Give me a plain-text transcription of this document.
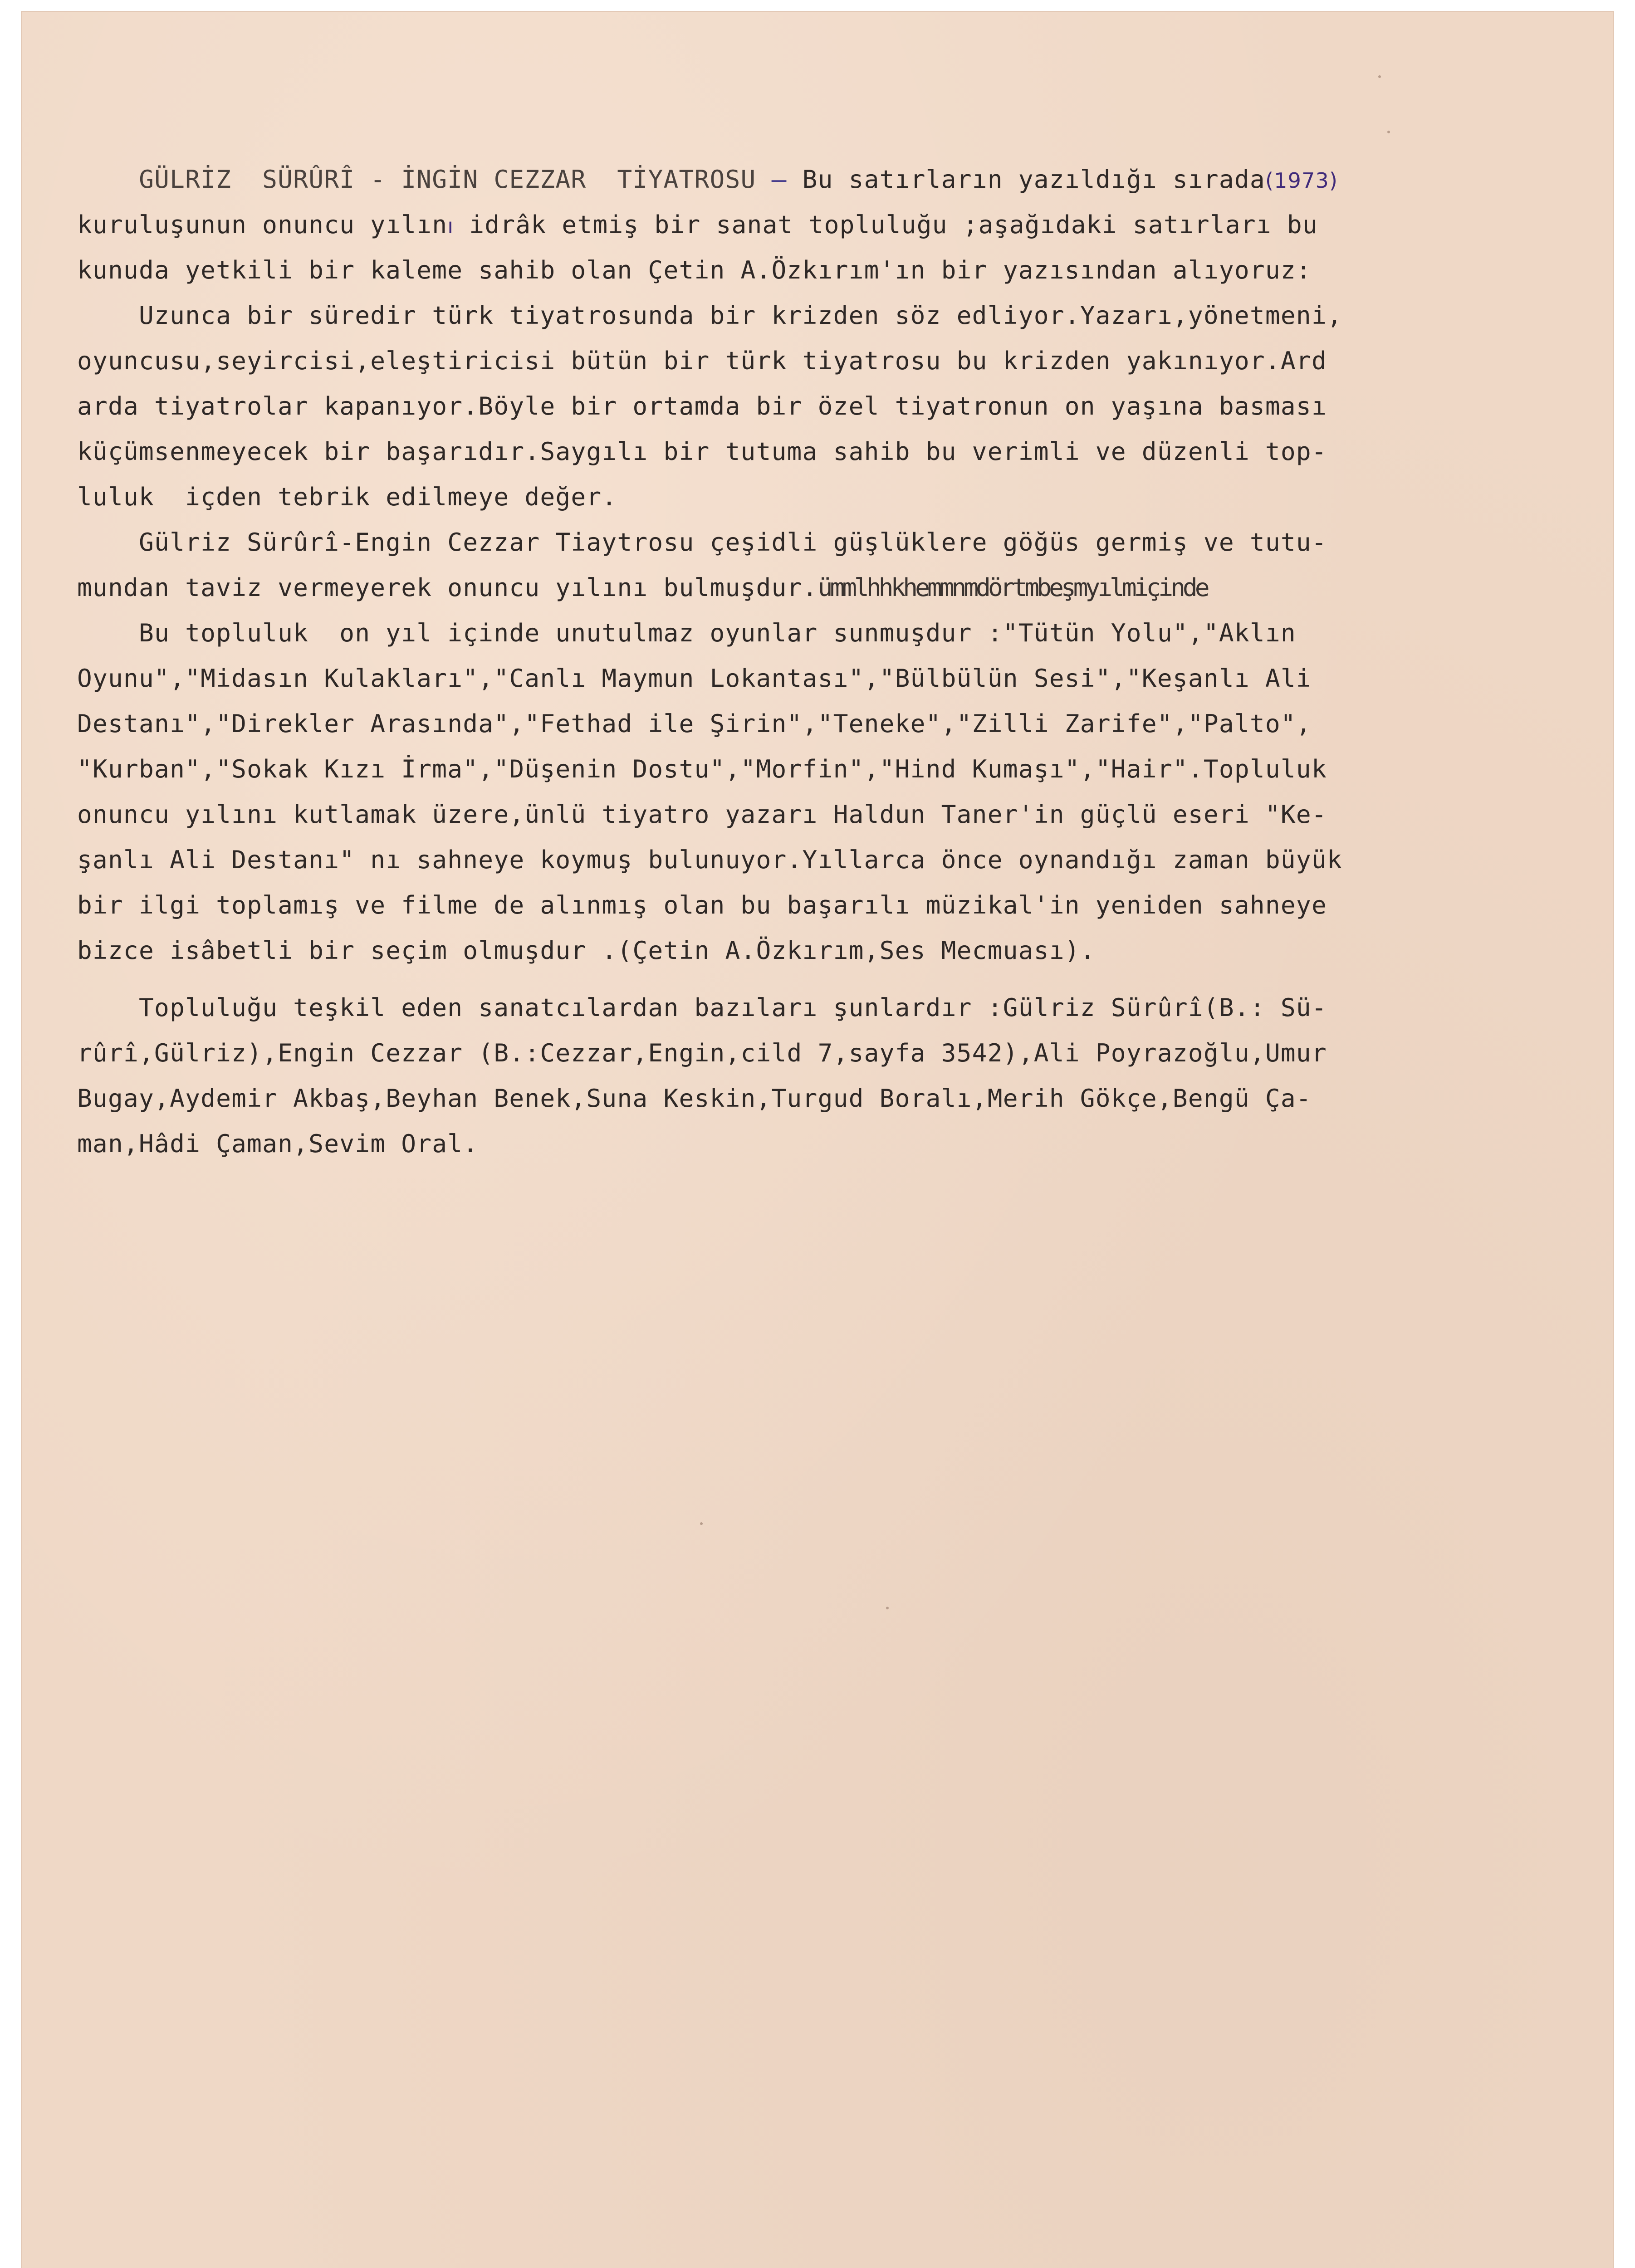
GÜLRİZ  SÜRÛRÎ - İNGİN CEZZAR  TİYATROSU — Bu satırların yazıldığı sırada(1973)
kuruluşunun onuncu yılını idrâk etmiş bir sanat topluluğu ;aşağıdaki satırları bu
kunuda yetkili bir kaleme sahib olan Çetin A.Özkırım'ın bir yazısından alıyoruz:
Uzunca bir süredir türk tiyatrosunda bir krizden söz edliyor.Yazarı,yönetmeni,
oyuncusu,seyircisi,eleştiricisi bütün bir türk tiyatrosu bu krizden yakınıyor.Ard
arda tiyatrolar kapanıyor.Böyle bir ortamda bir özel tiyatronun on yaşına basması
küçümsenmeyecek bir başarıdır.Saygılı bir tutuma sahib bu verimli ve düzenli top-
luluk  içden tebrik edilmeye değer.
Gülriz Sürûrî-Engin Cezzar Tiaytrosu çeşidli güşlüklere göğüs germiş ve tutu-
mundan taviz vermeyerek onuncu yılını bulmuşdur.ümmlhhkhemmnmdörtmbeşmyılmiçinde
Bu topluluk  on yıl içinde unutulmaz oyunlar sunmuşdur :"Tütün Yolu","Aklın
Oyunu","Midasın Kulakları","Canlı Maymun Lokantası","Bülbülün Sesi","Keşanlı Ali
Destanı","Direkler Arasında","Fethad ile Şirin","Teneke","Zilli Zarife","Palto",
"Kurban","Sokak Kızı İrma","Düşenin Dostu","Morfin","Hind Kumaşı","Hair".Topluluk
onuncu yılını kutlamak üzere,ünlü tiyatro yazarı Haldun Taner'in güçlü eseri "Ke-
şanlı Ali Destanı" nı sahneye koymuş bulunuyor.Yıllarca önce oynandığı zaman büyük
bir ilgi toplamış ve filme de alınmış olan bu başarılı müzikal'in yeniden sahneye
bizce isâbetli bir seçim olmuşdur .(Çetin A.Özkırım,Ses Mecmuası).
Topluluğu teşkil eden sanatcılardan bazıları şunlardır :Gülriz Sürûrî(B.: Sü-
rûrî,Gülriz),Engin Cezzar (B.:Cezzar,Engin,cild 7,sayfa 3542),Ali Poyrazoğlu,Umur
Bugay,Aydemir Akbaş,Beyhan Benek,Suna Keskin,Turgud Boralı,Merih Gökçe,Bengü Ça-
man,Hâdi Çaman,Sevim Oral.
